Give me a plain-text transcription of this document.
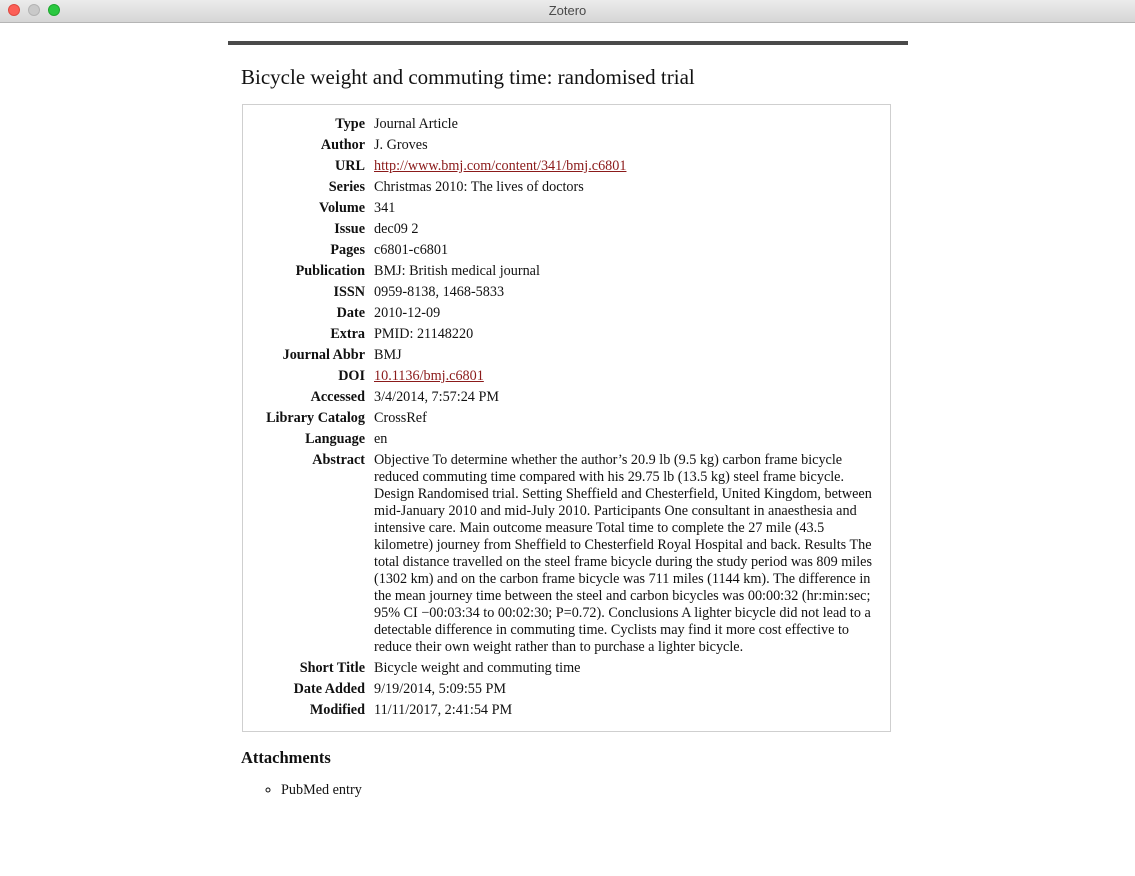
Zotero
Bicycle weight and commuting time: randomised trial
Type	Journal Article
Author	J. Groves
URL	http://www.bmj.com/content/341/bmj.c6801
Series	Christmas 2010: The lives of doctors
Volume	341
Issue	dec09 2
Pages	c6801-c6801
Publication	BMJ: British medical journal
ISSN	0959-8138, 1468-5833
Date	2010-12-09
Extra	PMID: 21148220
Journal Abbr	BMJ
DOI	10.1136/bmj.c6801
Accessed	3/4/2014, 7:57:24 PM
Library Catalog	CrossRef
Language	en
Abstract	Objective To determine whether the author’s 20.9 lb (9.5 kg) carbon frame bicycle reduced commuting time compared with his 29.75 lb (13.5 kg) steel frame bicycle. Design Randomised trial. Setting Sheffield and Chesterfield, United Kingdom, between mid-January 2010 and mid-July 2010. Participants One consultant in anaesthesia and intensive care. Main outcome measure Total time to complete the 27 mile (43.5 kilometre) journey from Sheffield to Chesterfield Royal Hospital and back. Results The total distance travelled on the steel frame bicycle during the study period was 809 miles (1302 km) and on the carbon frame bicycle was 711 miles (1144 km). The difference in the mean journey time between the steel and carbon bicycles was 00:00:32 (hr:min:sec; 95% CI −00:03:34 to 00:02:30; P=0.72). Conclusions A lighter bicycle did not lead to a detectable difference in commuting time. Cyclists may find it more cost effective to reduce their own weight rather than to purchase a lighter bicycle.
Short Title	Bicycle weight and commuting time
Date Added	9/19/2014, 5:09:55 PM
Modified	11/11/2017, 2:41:54 PM
Attachments
◦ PubMed entry
